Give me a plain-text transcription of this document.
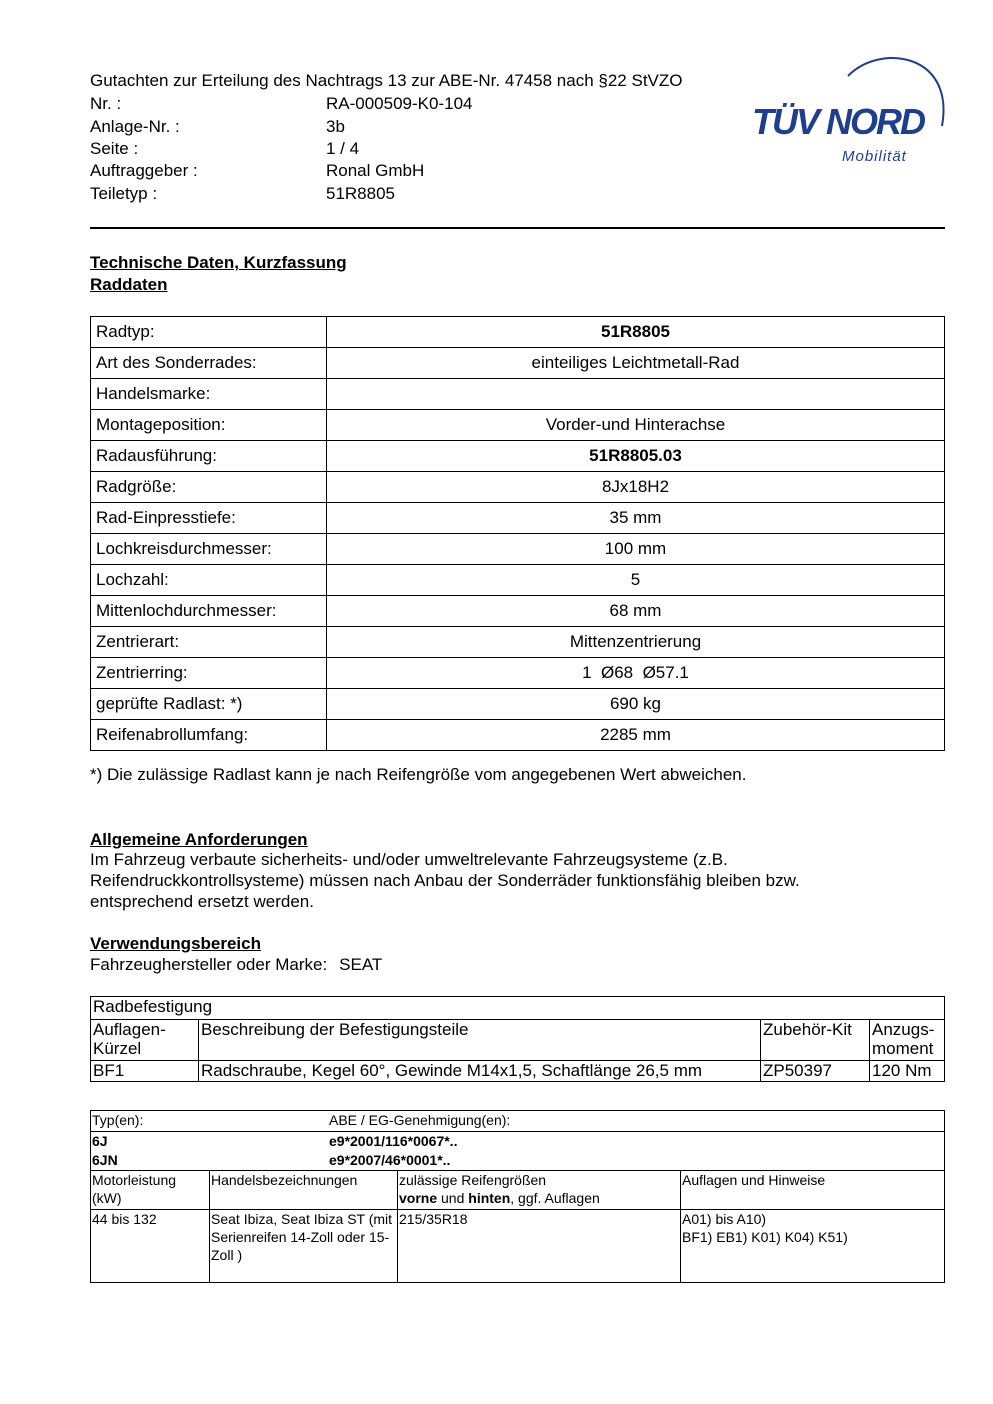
Gutachten zur Erteilung des Nachtrags 13 zur ABE-Nr. 47458 nach §22 StVZO
Nr. :	RA-000509-K0-104
Anlage-Nr. :	3b
Seite :	1 / 4
Auftraggeber :	Ronal GmbH
Teiletyp :	51R8805
TÜV NORD
Mobilität
Technische Daten, Kurzfassung
Raddaten
Radtyp:	51R8805
Art des Sonderrades:	einteiliges Leichtmetall-Rad
Handelsmarke:	
Montageposition:	Vorder-und Hinterachse
Radausführung:	51R8805.03
Radgröße:	8Jx18H2
Rad-Einpresstiefe:	35 mm
Lochkreisdurchmesser:	100 mm
Lochzahl:	5
Mittenlochdurchmesser:	68 mm
Zentrierart:	Mittenzentrierung
Zentrierring:	1  Ø68  Ø57.1
geprüfte Radlast: *)	690 kg
Reifenabrollumfang:	2285 mm
*) Die zulässige Radlast kann je nach Reifengröße vom angegebenen Wert abweichen.
Allgemeine Anforderungen
Im Fahrzeug verbaute sicherheits- und/oder umweltrelevante Fahrzeugsysteme (z.B. Reifendruckkontrollsysteme) müssen nach Anbau der Sonderräder funktionsfähig bleiben bzw. entsprechend ersetzt werden.
Verwendungsbereich
Fahrzeughersteller oder Marke: SEAT
Radbefestigung			
Auflagen-Kürzel	Beschreibung der Befestigungsteile	Zubehör-Kit	Anzugs-moment
BF1	Radschraube, Kegel 60°, Gewinde M14x1,5, Schaftlänge 26,5 mm	ZP50397	120 Nm
Typ(en): ABE / EG-Genehmigung(en):			

6J e9*2001/116*0067*..
6JN e9*2007/46*0001*..			

Motorleistung (kW)	Handelsbezeichnungen	zulässige Reifengrößen
vorne und hinten, ggf. Auflagen	Auflagen und Hinweise
44 bis 132	Seat Ibiza, Seat Ibiza ST (mit Serienreifen 14-Zoll oder 15-Zoll )	215/35R18	A01) bis A10)
BF1) EB1) K01) K04) K51)
